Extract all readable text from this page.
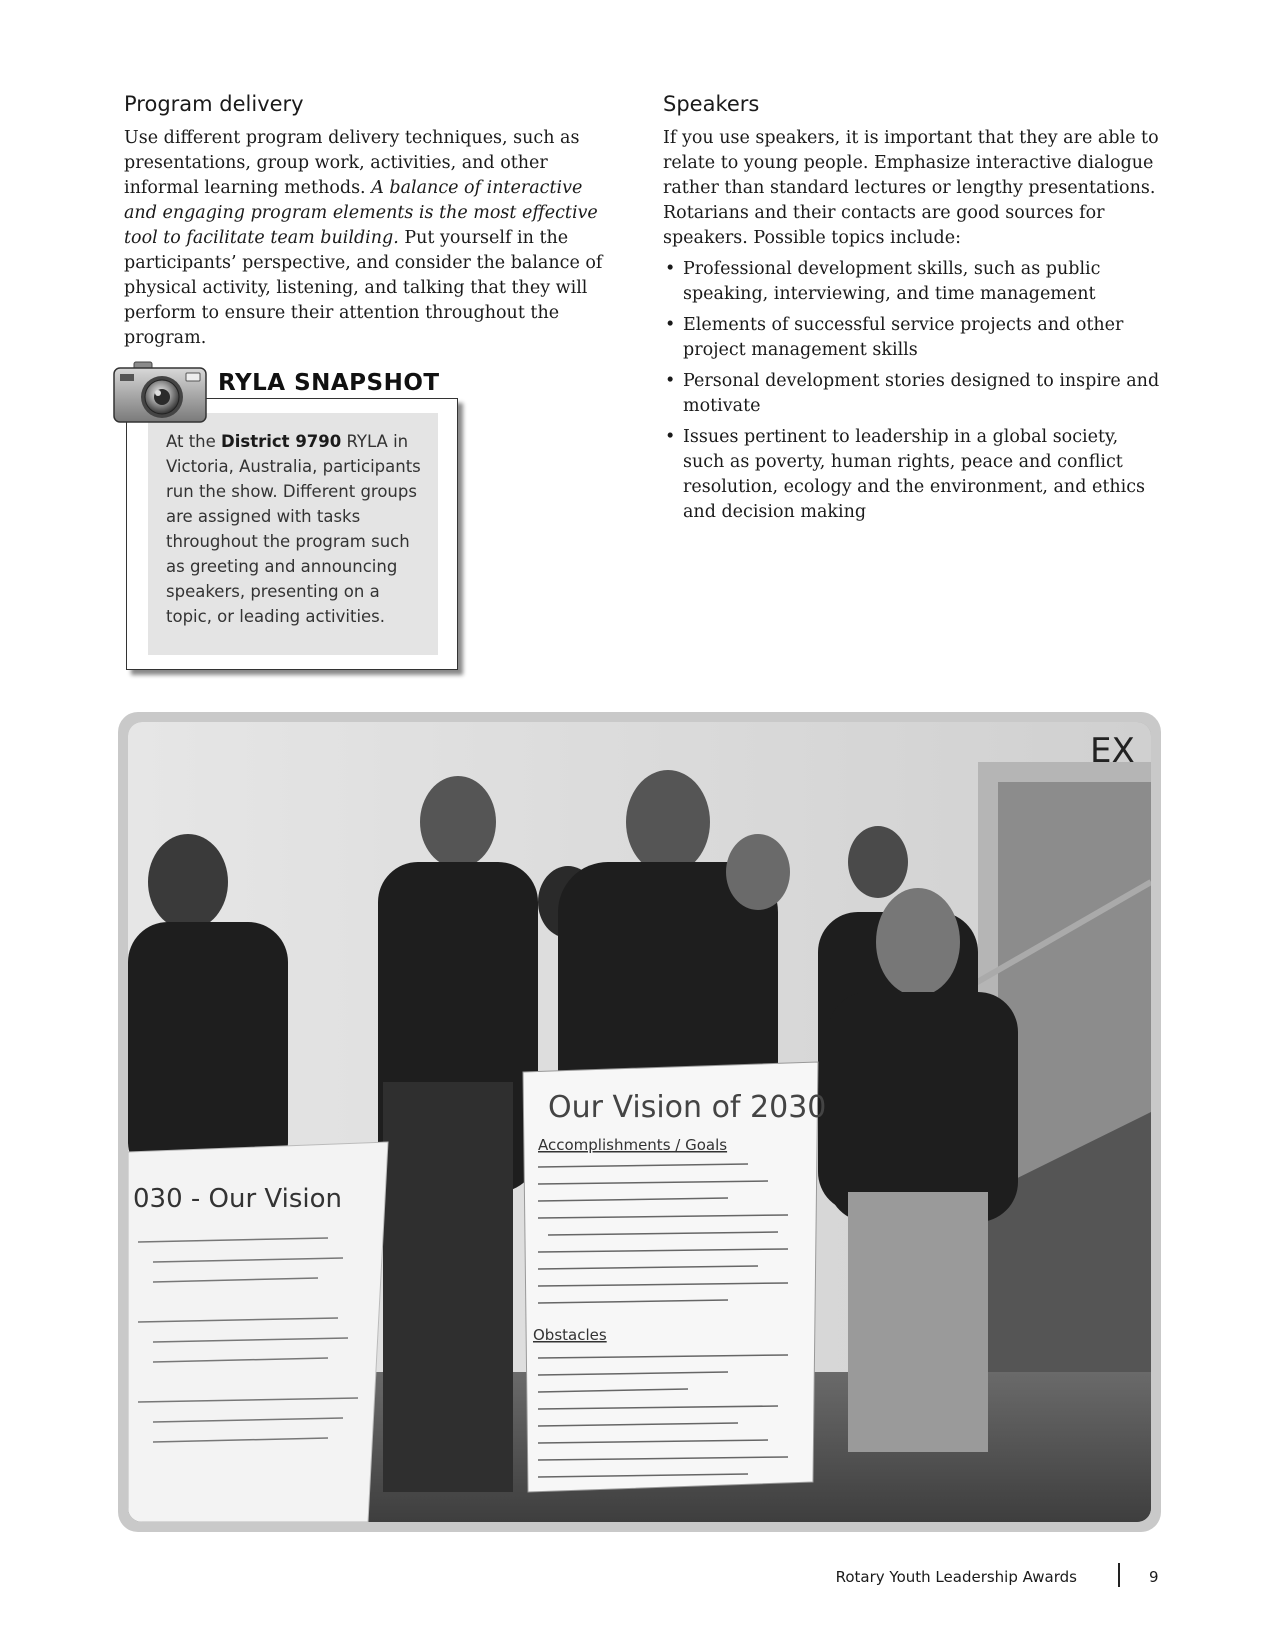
Program delivery

Use different program delivery techniques, such as presentations, group work, activities, and other informal learning methods. A balance of interactive and engaging program elements is the most effective tool to facilitate team building. Put yourself in the participants’ perspective, and consider the balance of physical activity, listening, and talking that they will perform to ensure their attention throughout the program.

At the District 9790 RYLA in Victoria, Australia, participants run the show. Different groups are assigned with tasks throughout the program such as greeting and announcing speakers, presenting on a topic, or leading activities.
RYLA SNAPSHOT
Speakers

If you use speakers, it is important that they are able to relate to young people. Emphasize interactive dialogue rather than standard lectures or lengthy presentations. Rotarians and their contacts are good sources for speakers. Possible topics include:

• Professional development skills, such as public speaking, interviewing, and time management
• Elements of successful service projects and other project management skills
• Personal development stories designed to inspire and motivate
• Issues pertinent to leadership in a global society, such as poverty, human rights, peace and conflict resolution, ecology and the environment, and ethics and decision making
EX
030 - Our Vision
Our Vision of 2030
Accomplishments / Goals
Obstacles
Rotary Youth Leadership Awards	9
